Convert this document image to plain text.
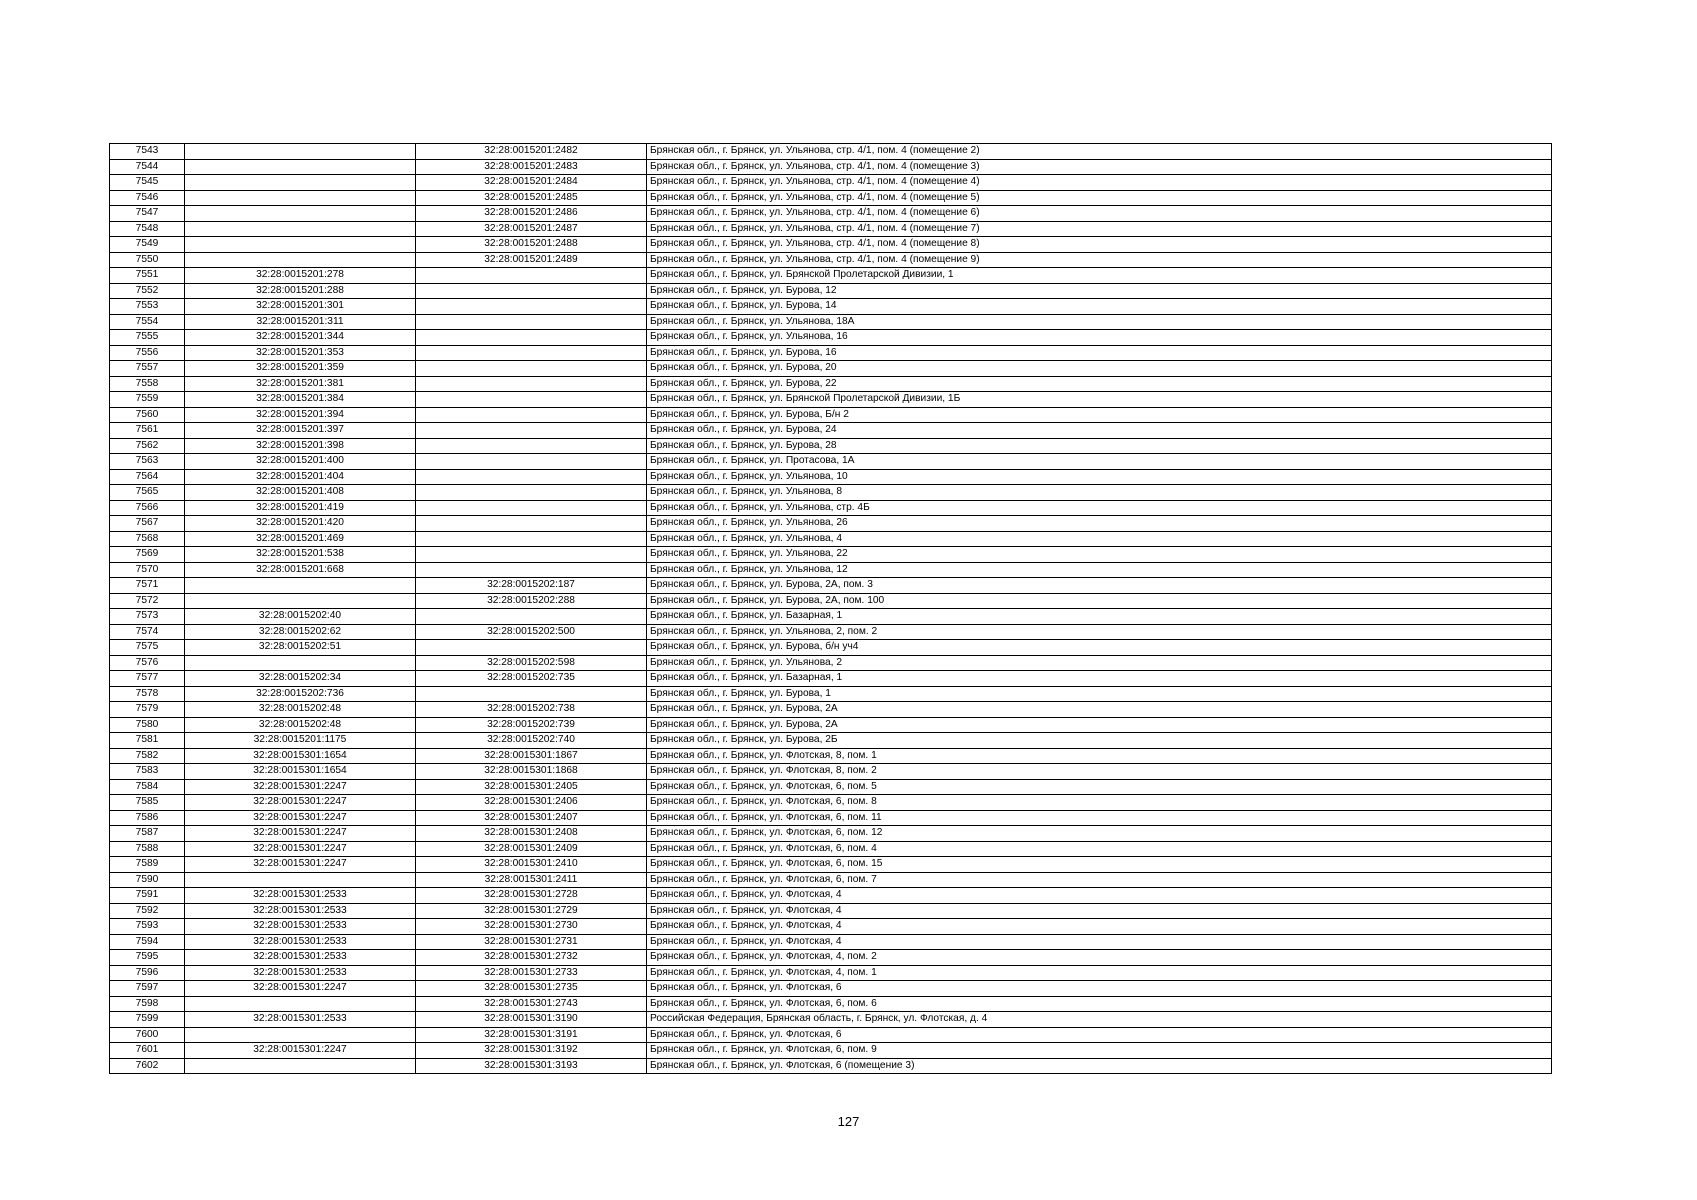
7543		32:28:0015201:2482	Брянская обл., г. Брянск, ул. Ульянова, стр. 4/1, пом. 4 (помещение 2)
7544		32:28:0015201:2483	Брянская обл., г. Брянск, ул. Ульянова, стр. 4/1, пом. 4 (помещение 3)
7545		32:28:0015201:2484	Брянская обл., г. Брянск, ул. Ульянова, стр. 4/1, пом. 4 (помещение 4)
7546		32:28:0015201:2485	Брянская обл., г. Брянск, ул. Ульянова, стр. 4/1, пом. 4 (помещение 5)
7547		32:28:0015201:2486	Брянская обл., г. Брянск, ул. Ульянова, стр. 4/1, пом. 4 (помещение 6)
7548		32:28:0015201:2487	Брянская обл., г. Брянск, ул. Ульянова, стр. 4/1, пом. 4 (помещение 7)
7549		32:28:0015201:2488	Брянская обл., г. Брянск, ул. Ульянова, стр. 4/1, пом. 4 (помещение 8)
7550		32:28:0015201:2489	Брянская обл., г. Брянск, ул. Ульянова, стр. 4/1, пом. 4 (помещение 9)
7551	32:28:0015201:278		Брянская обл., г. Брянск, ул. Брянской Пролетарской Дивизии, 1
7552	32:28:0015201:288		Брянская обл., г. Брянск, ул. Бурова, 12
7553	32:28:0015201:301		Брянская обл., г. Брянск, ул. Бурова, 14
7554	32:28:0015201:311		Брянская обл., г. Брянск, ул. Ульянова, 18А
7555	32:28:0015201:344		Брянская обл., г. Брянск, ул. Ульянова, 16
7556	32:28:0015201:353		Брянская обл., г. Брянск, ул. Бурова, 16
7557	32:28:0015201:359		Брянская обл., г. Брянск, ул. Бурова, 20
7558	32:28:0015201:381		Брянская обл., г. Брянск, ул. Бурова, 22
7559	32:28:0015201:384		Брянская обл., г. Брянск, ул. Брянской Пролетарской Дивизии, 1Б
7560	32:28:0015201:394		Брянская обл., г. Брянск, ул. Бурова, Б/н 2
7561	32:28:0015201:397		Брянская обл., г. Брянск, ул. Бурова, 24
7562	32:28:0015201:398		Брянская обл., г. Брянск, ул. Бурова, 28
7563	32:28:0015201:400		Брянская обл., г. Брянск, ул. Протасова, 1А
7564	32:28:0015201:404		Брянская обл., г. Брянск, ул. Ульянова, 10
7565	32:28:0015201:408		Брянская обл., г. Брянск, ул. Ульянова, 8
7566	32:28:0015201:419		Брянская обл., г. Брянск, ул. Ульянова, стр. 4Б
7567	32:28:0015201:420		Брянская обл., г. Брянск, ул. Ульянова, 26
7568	32:28:0015201:469		Брянская обл., г. Брянск, ул. Ульянова, 4
7569	32:28:0015201:538		Брянская обл., г. Брянск, ул. Ульянова, 22
7570	32:28:0015201:668		Брянская обл., г. Брянск, ул. Ульянова, 12
7571		32:28:0015202:187	Брянская обл., г. Брянск, ул. Бурова, 2А, пом. 3
7572		32:28:0015202:288	Брянская обл., г. Брянск, ул. Бурова, 2А, пом. 100
7573	32:28:0015202:40		Брянская обл., г. Брянск, ул. Базарная, 1
7574	32:28:0015202:62	32:28:0015202:500	Брянская обл., г. Брянск, ул. Ульянова, 2, пом. 2
7575	32:28:0015202:51		Брянская обл., г. Брянск, ул. Бурова, б/н уч4
7576		32:28:0015202:598	Брянская обл., г. Брянск, ул. Ульянова, 2
7577	32:28:0015202:34	32:28:0015202:735	Брянская обл., г. Брянск, ул. Базарная, 1
7578	32:28:0015202:736		Брянская обл., г. Брянск, ул. Бурова, 1
7579	32:28:0015202:48	32:28:0015202:738	Брянская обл., г. Брянск, ул. Бурова, 2А
7580	32:28:0015202:48	32:28:0015202:739	Брянская обл., г. Брянск, ул. Бурова, 2А
7581	32:28:0015201:1175	32:28:0015202:740	Брянская обл., г. Брянск, ул. Бурова, 2Б
7582	32:28:0015301:1654	32:28:0015301:1867	Брянская обл., г. Брянск, ул. Флотская, 8, пом. 1
7583	32:28:0015301:1654	32:28:0015301:1868	Брянская обл., г. Брянск, ул. Флотская, 8, пом. 2
7584	32:28:0015301:2247	32:28:0015301:2405	Брянская обл., г. Брянск, ул. Флотская, 6, пом. 5
7585	32:28:0015301:2247	32:28:0015301:2406	Брянская обл., г. Брянск, ул. Флотская, 6, пом. 8
7586	32:28:0015301:2247	32:28:0015301:2407	Брянская обл., г. Брянск, ул. Флотская, 6, пом. 11
7587	32:28:0015301:2247	32:28:0015301:2408	Брянская обл., г. Брянск, ул. Флотская, 6, пом. 12
7588	32:28:0015301:2247	32:28:0015301:2409	Брянская обл., г. Брянск, ул. Флотская, 6, пом. 4
7589	32:28:0015301:2247	32:28:0015301:2410	Брянская обл., г. Брянск, ул. Флотская, 6, пом. 15
7590		32:28:0015301:2411	Брянская обл., г. Брянск, ул. Флотская, 6, пом. 7
7591	32:28:0015301:2533	32:28:0015301:2728	Брянская обл., г. Брянск, ул. Флотская, 4
7592	32:28:0015301:2533	32:28:0015301:2729	Брянская обл., г. Брянск, ул. Флотская, 4
7593	32:28:0015301:2533	32:28:0015301:2730	Брянская обл., г. Брянск, ул. Флотская, 4
7594	32:28:0015301:2533	32:28:0015301:2731	Брянская обл., г. Брянск, ул. Флотская, 4
7595	32:28:0015301:2533	32:28:0015301:2732	Брянская обл., г. Брянск, ул. Флотская, 4, пом. 2
7596	32:28:0015301:2533	32:28:0015301:2733	Брянская обл., г. Брянск, ул. Флотская, 4, пом. 1
7597	32:28:0015301:2247	32:28:0015301:2735	Брянская обл., г. Брянск, ул. Флотская, 6
7598		32:28:0015301:2743	Брянская обл., г. Брянск, ул. Флотская, 6, пом. 6
7599	32:28:0015301:2533	32:28:0015301:3190	Российская Федерация, Брянская область, г. Брянск, ул. Флотская, д. 4
7600		32:28:0015301:3191	Брянская обл., г. Брянск, ул. Флотская, 6
7601	32:28:0015301:2247	32:28:0015301:3192	Брянская обл., г. Брянск, ул. Флотская, 6, пом. 9
7602		32:28:0015301:3193	Брянская обл., г. Брянск, ул. Флотская, 6 (помещение 3)
127
